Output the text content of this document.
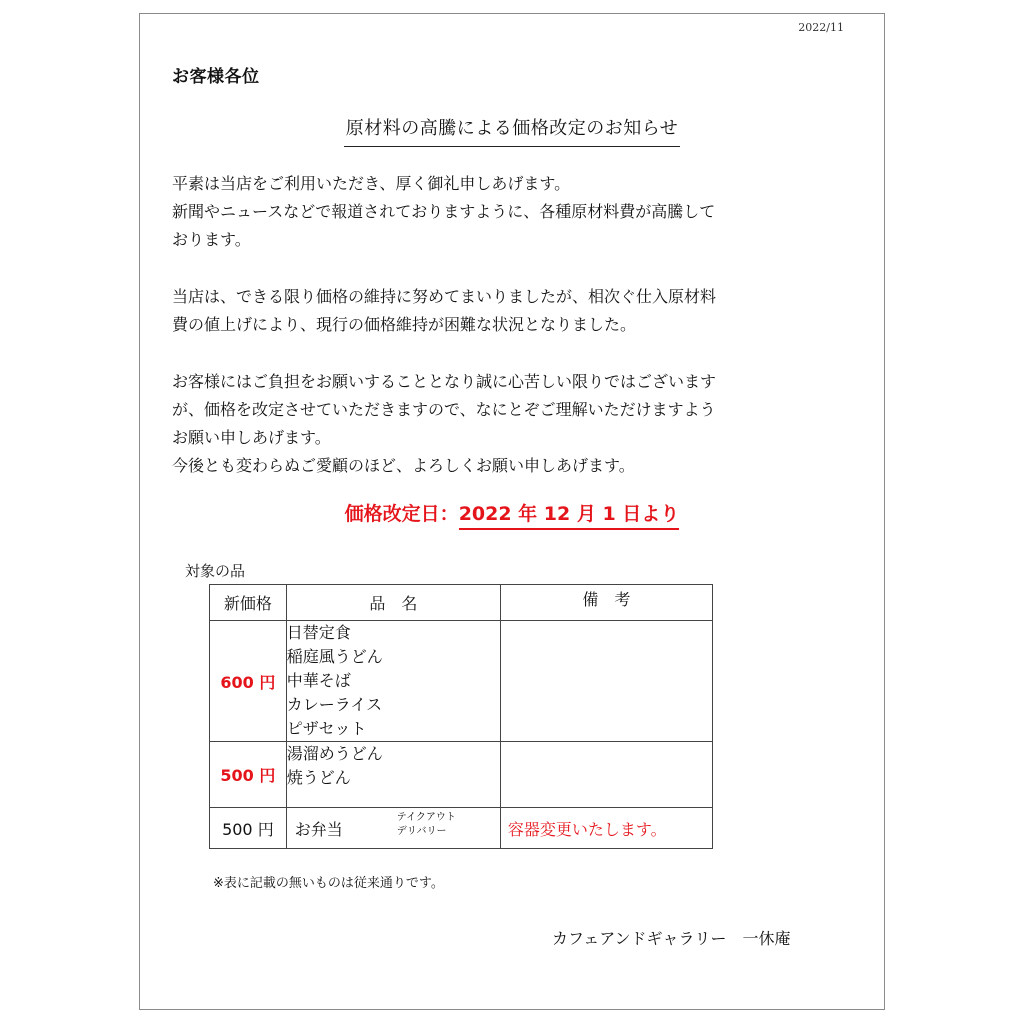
2022/11
お客様各位
原材料の高騰による価格改定のお知らせ

平素は当店をご利用いただき、厚く御礼申しあげます。

新聞やニュースなどで報道されておりますように、各種原材料費が高騰して

おります。

当店は、できる限り価格の維持に努めてまいりましたが、相次ぐ仕入原材料

費の値上げにより、現行の価格維持が困難な状況となりました。

お客様にはご負担をお願いすることとなり誠に心苦しい限りではございます

が、価格を改定させていただきますので、なにとぞご理解いただけますよう

お願い申しあげます。

今後とも変わらぬご愛顧のほど、よろしくお願い申しあげます。

価格改定日：2022 年 12 月 1 日より
対象の品
新価格	品　名	備　考
600 円	日替定食
稲庭風うどん
中華そば
カレーライス
ピザセット	

500 円	湯溜めうどん
焼うどん	

500 円	お弁当
テイクアウト
デリバリー	容器変更いたします。
※表に記載の無いものは従来通りです。
カフェアンドギャラリー　一休庵
